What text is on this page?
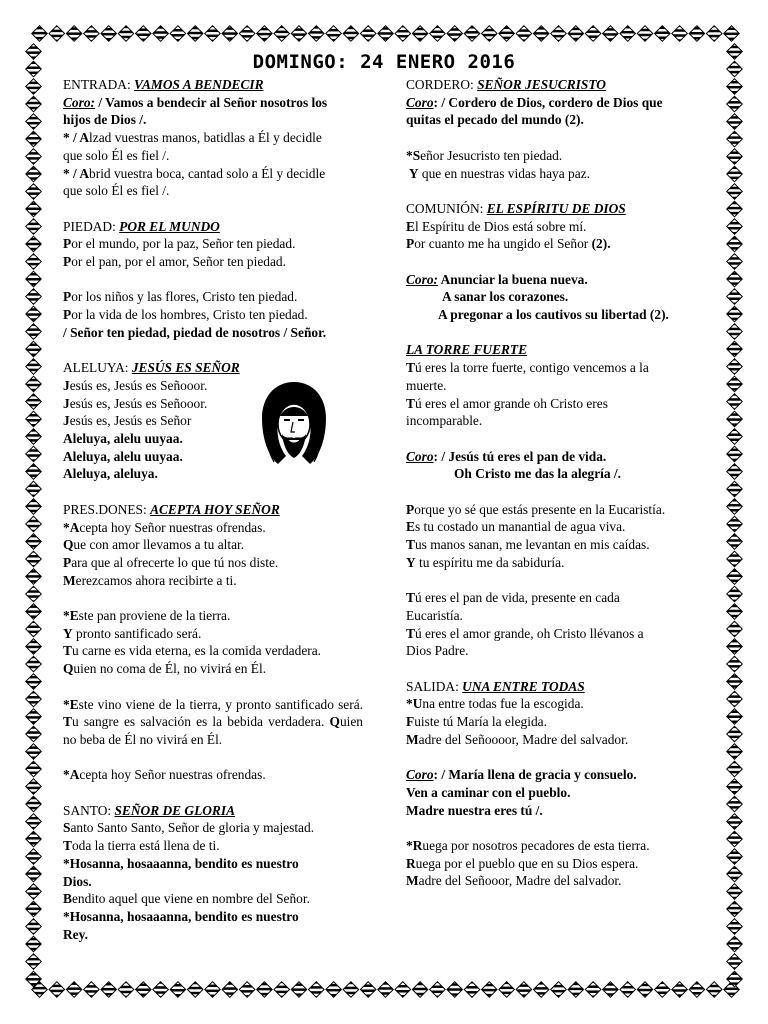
DOMINGO: 24 ENERO 2016

ENTRADA: VAMOS A BENDECIR

Coro: / Vamos a bendecir al Señor nosotros los

hijos de Dios /.

* / Alzad vuestras manos, batidlas a Él y decidle

que solo Él es fiel /.

* / Abrid vuestra boca, cantad solo a Él y decidle

que solo Él es fiel /.

PIEDAD: POR EL MUNDO

Por el mundo, por la paz, Señor ten piedad.

Por el pan, por el amor, Señor ten piedad.

Por los niños y las flores, Cristo ten piedad.

Por la vida de los hombres, Cristo ten piedad.

/ Señor ten piedad, piedad de nosotros / Señor.

ALELUYA: JESÚS ES SEÑOR

Jesús es, Jesús es Señooor.

Jesús es, Jesús es Señooor.

Jesús es, Jesús es Señor

Aleluya, alelu uuyaa.

Aleluya, alelu uuyaa.

Aleluya, aleluya.

PRES.DONES: ACEPTA HOY SEÑOR

*Acepta hoy Señor nuestras ofrendas.

Que con amor llevamos a tu altar.

Para que al ofrecerte lo que tú nos diste.

Merezcamos ahora recibirte a ti.

*Este pan proviene de la tierra.

Y pronto santificado será.

Tu carne es vida eterna, es la comida verdadera.

Quien no coma de Él, no vivirá en Él.

*Este vino viene de la tierra, y pronto santificado será. Tu sangre es salvación es la bebida verdadera. Quien no beba de Él no vivirá en Él.

*Acepta hoy Señor nuestras ofrendas.

SANTO: SEÑOR DE GLORIA

Santo Santo Santo, Señor de gloria y majestad.

Toda la tierra está llena de ti.

*Hosanna, hosaaanna, bendito es nuestro

Dios.

Bendito aquel que viene en nombre del Señor.

*Hosanna, hosaaanna, bendito es nuestro

Rey.

CORDERO: SEÑOR JESUCRISTO

Coro: / Cordero de Dios, cordero de Dios que

quitas el pecado del mundo (2).

*Señor Jesucristo ten piedad.

Y que en nuestras vidas haya paz.

COMUNIÓN: EL ESPÍRITU DE DIOS

El Espíritu de Dios está sobre mí.

Por cuanto me ha ungido el Señor (2).

Coro: Anunciar la buena nueva.

A sanar los corazones.

A pregonar a los cautivos su libertad (2).

LA TORRE FUERTE

Tú eres la torre fuerte, contigo vencemos a la

muerte.

Tú eres el amor grande oh Cristo eres

incomparable.

Coro: / Jesús tú eres el pan de vida.

Oh Cristo me das la alegría /.

Porque yo sé que estás presente en la Eucaristía.

Es tu costado un manantial de agua viva.

Tus manos sanan, me levantan en mis caídas.

Y tu espíritu me da sabiduría.

Tú eres el pan de vida, presente en cada

Eucaristía.

Tú eres el amor grande, oh Cristo llévanos a

Dios Padre.

SALIDA: UNA ENTRE TODAS

*Una entre todas fue la escogida.

Fuiste tú María la elegida.

Madre del Señoooor, Madre del salvador.

Coro: / María llena de gracia y consuelo.

Ven a caminar con el pueblo.

Madre nuestra eres tú /.

*Ruega por nosotros pecadores de esta tierra.

Ruega por el pueblo que en su Dios espera.

Madre del Señooor, Madre del salvador.
